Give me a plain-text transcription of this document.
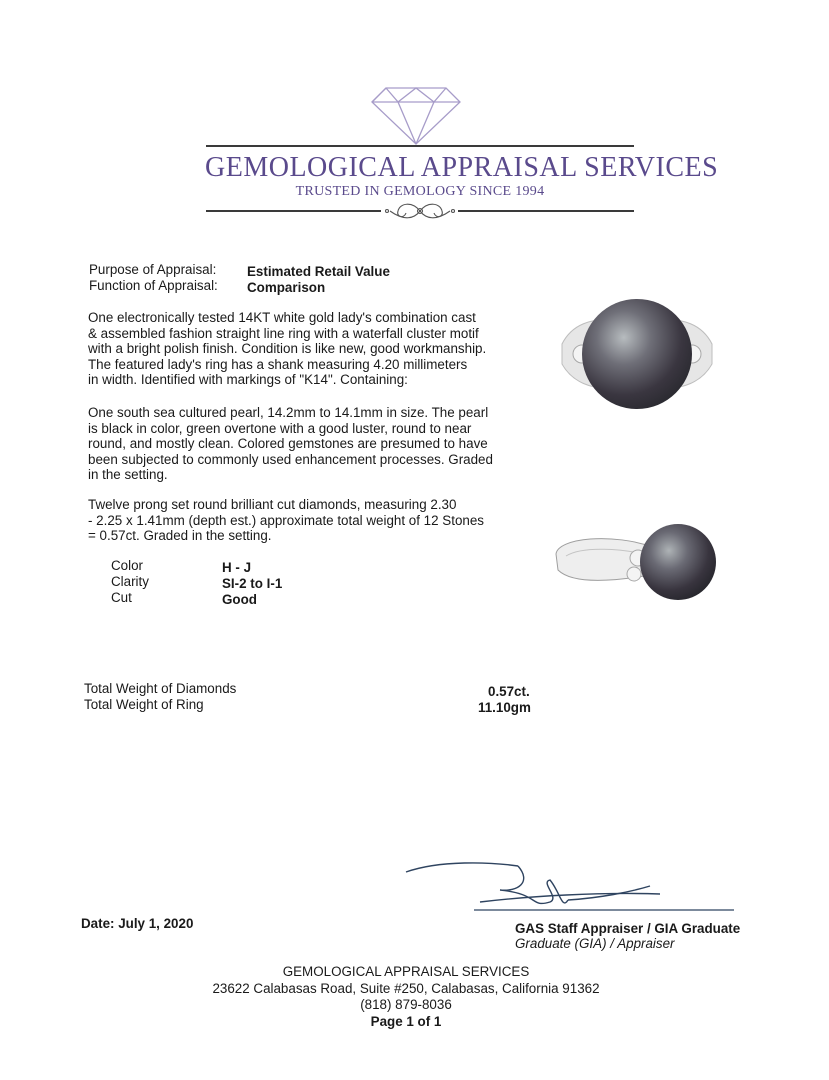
GEMOLOGICAL APPRAISAL SERVICES
TRUSTED IN GEMOLOGY SINCE 1994
Purpose of Appraisal: Estimated Retail Value
Function of Appraisal: Comparison
One electronically tested 14KT white gold lady's combination cast
& assembled fashion straight line ring with a waterfall cluster motif
with a bright polish finish. Condition is like new, good workmanship.
The featured lady's ring has a shank measuring 4.20 millimeters
in width. Identified with markings of "K14". Containing:
One south sea cultured pearl, 14.2mm to 14.1mm in size. The pearl
is black in color, green overtone with a good luster, round to near
round, and mostly clean. Colored gemstones are presumed to have
been subjected to commonly used enhancement processes. Graded
in the setting.
Twelve prong set round brilliant cut diamonds, measuring 2.30
- 2.25 x 1.41mm (depth est.) approximate total weight of 12 Stones
= 0.57ct. Graded in the setting.
Color	H - J
Clarity	SI-2 to I-1
Cut	Good
Total Weight of Diamonds	0.57ct.
Total Weight of Ring	11.10gm
Date: July 1, 2020	GAS Staff Appraiser / GIA Graduate
Graduate (GIA) / Appraiser
GEMOLOGICAL APPRAISAL SERVICES
23622 Calabasas Road, Suite #250, Calabasas, California 91362
(818) 879-8036
Page 1 of 1
